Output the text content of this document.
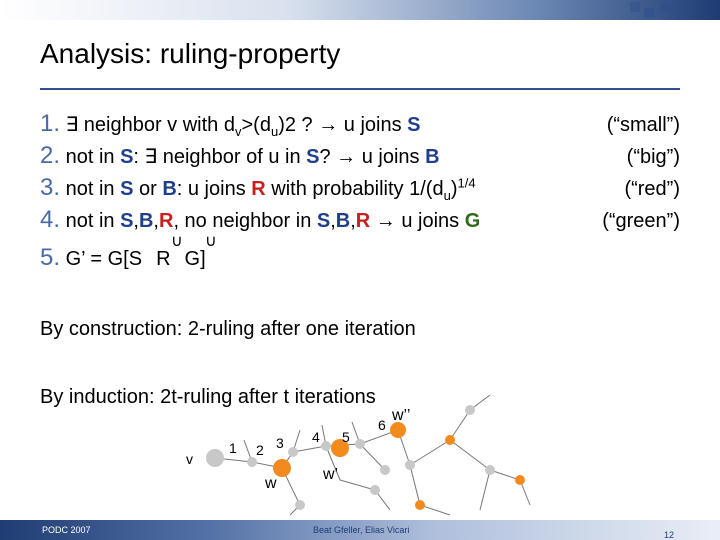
Analysis: ruling-property
1. ∃ neighbor v with $d_v>(d_u)2$ ? → u joins S	(“small”)
2. not in S: ∃ neighbor of u in S? → u joins B	(“big”)
3. not in S or B: u joins R with probability $1/(d_u)^{1/4}$	(“red”)
4. not in S,B,R, no neighbor in S,B,R → u joins G	(“green”)
5. G’ = G[S R G]
∪ ∪
By construction: 2-ruling after one iteration
By induction: 2t-ruling after t iterations
v
1 2 3 4 5
6
w
w’
w’’
PODC 2007	Beat Gfeller, Elias Vicari	12
